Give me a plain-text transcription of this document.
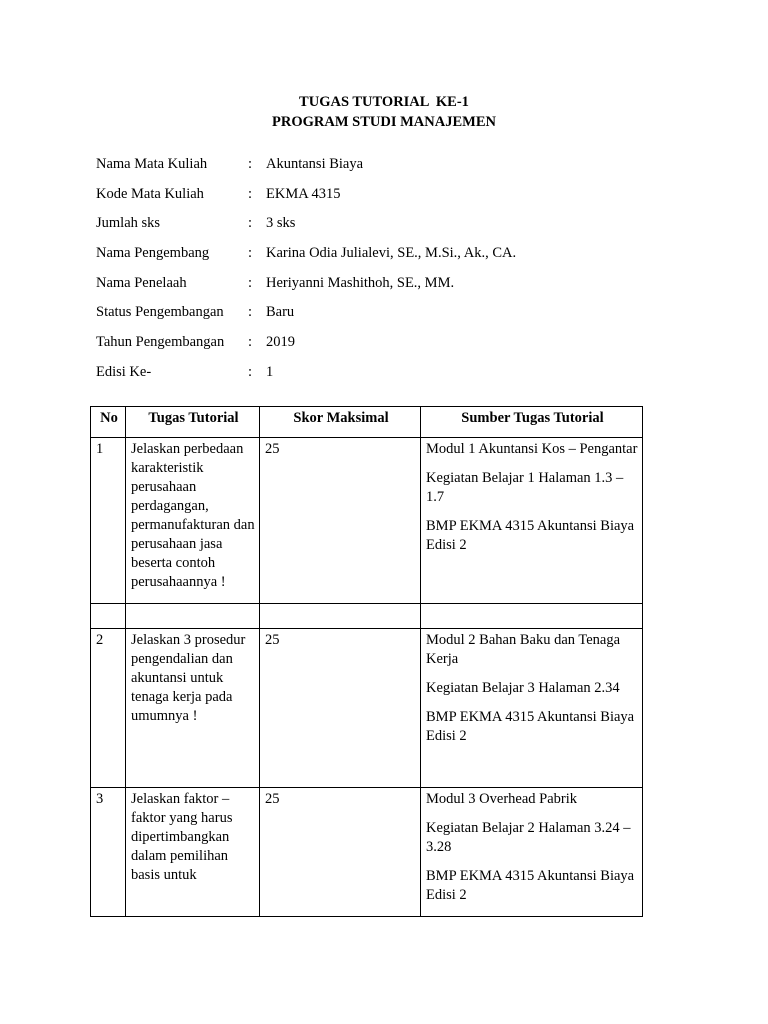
TUGAS TUTORIAL  KE-1
PROGRAM STUDI MANAJEMEN
Nama Mata Kuliah	: Akuntansi Biaya
Kode Mata Kuliah	: EKMA 4315
Jumlah sks	: 3 sks
Nama Pengembang	: Karina Odia Julialevi, SE., M.Si., Ak., CA.
Nama Penelaah	: Heriyanni Mashithoh, SE., MM.
Status Pengembangan	: Baru
Tahun Pengembangan	: 2019
Edisi Ke-	: 1
No	Tugas Tutorial	Skor Maksimal	Sumber Tugas Tutorial
1	Jelaskan perbedaan karakteristik perusahaan perdagangan, permanufakturan dan perusahaan jasa beserta contoh perusahaannya !	25	Modul 1 Akuntansi Kos – Pengantar

Kegiatan Belajar 1 Halaman 1.3 – 1.7

BMP EKMA 4315 Akuntansi Biaya Edisi 2

2	Jelaskan 3 prosedur pengendalian dan akuntansi untuk tenaga kerja pada umumnya !	25	Modul 2 Bahan Baku dan Tenaga Kerja

Kegiatan Belajar 3 Halaman 2.34

BMP EKMA 4315 Akuntansi Biaya Edisi 2

3	Jelaskan faktor – faktor yang harus dipertimbangkan dalam pemilihan basis untuk	25	Modul 3 Overhead Pabrik

Kegiatan Belajar 2 Halaman 3.24 – 3.28

BMP EKMA 4315 Akuntansi Biaya Edisi 2
